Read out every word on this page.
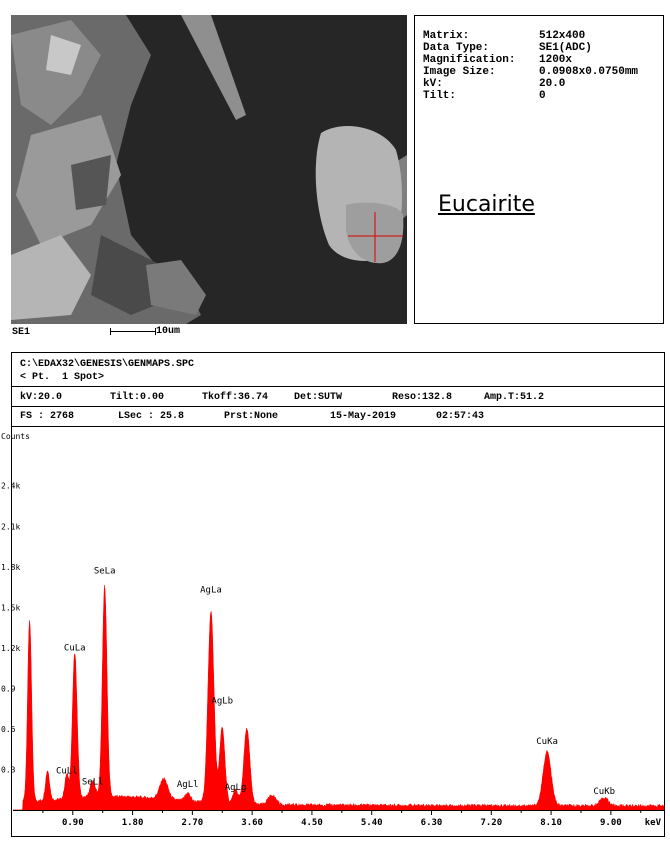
Matrix:	512x400
Data Type:	SE1(ADC)
Magnification: 1200x
Image Size:	0.0908x0.0750mm
kV:	20.0
Tilt:	0
Eucairite
SE1	10um
C:\EDAX32\GENESIS\GENMAPS.SPC
< Pt.  1 Spot>
kV:20.0	Tilt:0.00	Tkoff:36.74	Det:SUTW	Reso:132.8	Amp.T:51.2
FS : 2768	LSec : 25.8	Prst:None	15-May-2019	02:57:43
Counts
0.3
0.6
0.9
1.2k
1.5k
1.8k
2.1k
2.4k
0.90	1.80	2.70	3.60	4.50	5.40	6.30	7.20	8.10	9.00	keV
SeLa
AgLa
CuLa
AgLb
CuKa
CuLl
SeLl	AgLl	AgLg	CuKb
